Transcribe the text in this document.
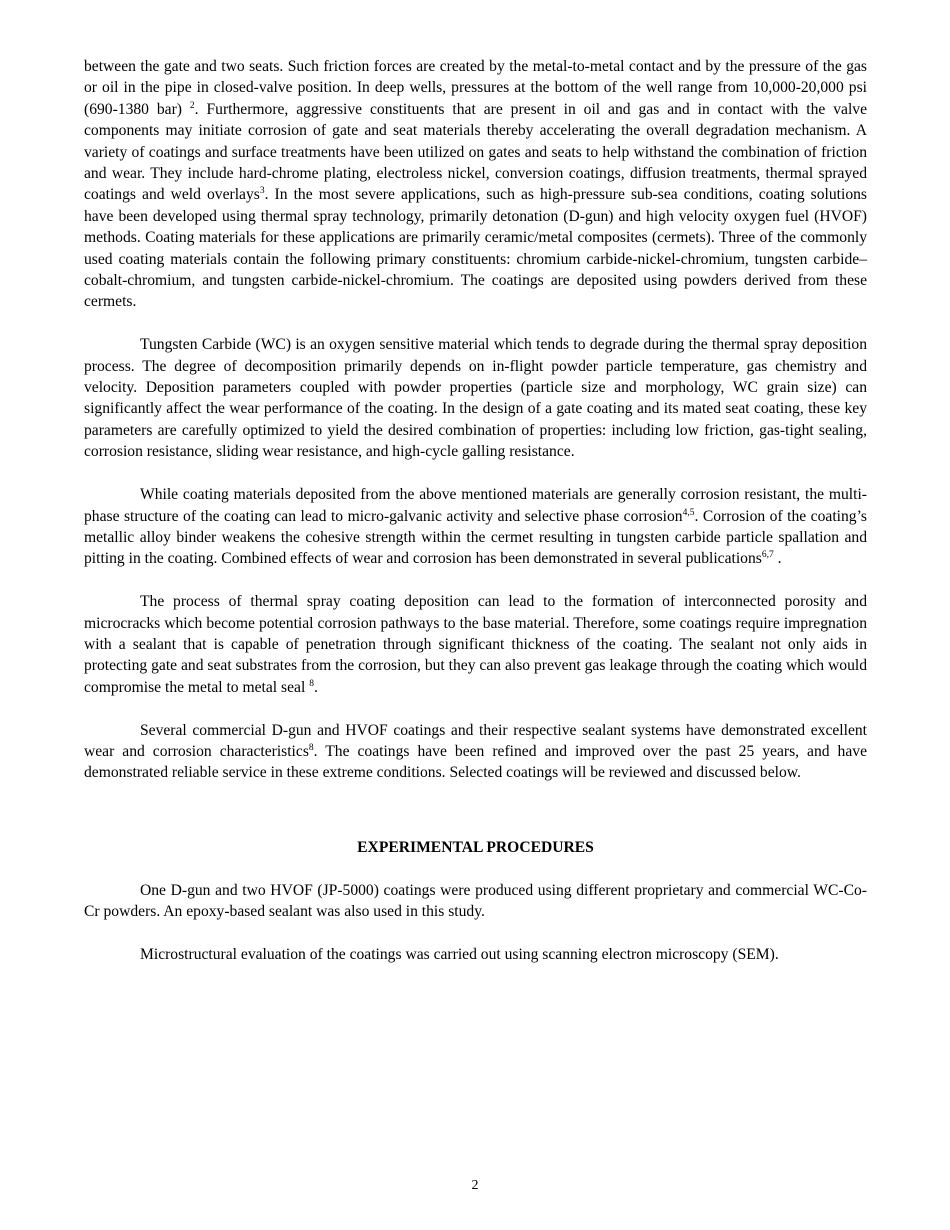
between the gate and two seats. Such friction forces are created by the metal-to-metal contact and by the pressure of the gas or oil in the pipe in closed-valve position. In deep wells, pressures at the bottom of the well range from 10,000-20,000 psi (690-1380 bar) $^2$. Furthermore, aggressive constituents that are present in oil and gas and in contact with the valve components may initiate corrosion of gate and seat materials thereby accelerating the overall degradation mechanism. A variety of coatings and surface treatments have been utilized on gates and seats to help withstand the combination of friction and wear. They include hard-chrome plating, electroless nickel, conversion coatings, diffusion treatments, thermal sprayed coatings and weld overlays$^3$. In the most severe applications, such as high-pressure sub-sea conditions, coating solutions have been developed using thermal spray technology, primarily detonation (D-gun) and high velocity oxygen fuel (HVOF) methods. Coating materials for these applications are primarily ceramic/metal composites (cermets). Three of the commonly used coating materials contain the following primary constituents: chromium carbide-nickel-chromium, tungsten carbide–cobalt-chromium, and tungsten carbide-nickel-chromium. The coatings are deposited using powders derived from these cermets.

Tungsten Carbide (WC) is an oxygen sensitive material which tends to degrade during the thermal spray deposition process. The degree of decomposition primarily depends on in-flight powder particle temperature, gas chemistry and velocity. Deposition parameters coupled with powder properties (particle size and morphology, WC grain size) can significantly affect the wear performance of the coating. In the design of a gate coating and its mated seat coating, these key parameters are carefully optimized to yield the desired combination of properties: including low friction, gas-tight sealing, corrosion resistance, sliding wear resistance, and high-cycle galling resistance.

While coating materials deposited from the above mentioned materials are generally corrosion resistant, the multi-phase structure of the coating can lead to micro-galvanic activity and selective phase corrosion$^{4,5}$. Corrosion of the coating’s metallic alloy binder weakens the cohesive strength within the cermet resulting in tungsten carbide particle spallation and pitting in the coating. Combined effects of wear and corrosion has been demonstrated in several publications$^{6,7}$ .

The process of thermal spray coating deposition can lead to the formation of interconnected porosity and microcracks which become potential corrosion pathways to the base material. Therefore, some coatings require impregnation with a sealant that is capable of penetration through significant thickness of the coating. The sealant not only aids in protecting gate and seat substrates from the corrosion, but they can also prevent gas leakage through the coating which would compromise the metal to metal seal $^8$.

Several commercial D-gun and HVOF coatings and their respective sealant systems have demonstrated excellent wear and corrosion characteristics$^8$. The coatings have been refined and improved over the past 25 years, and have demonstrated reliable service in these extreme conditions. Selected coatings will be reviewed and discussed below.

EXPERIMENTAL PROCEDURES

One D-gun and two HVOF (JP-5000) coatings were produced using different proprietary and commercial WC-Co-Cr powders. An epoxy-based sealant was also used in this study.

Microstructural evaluation of the coatings was carried out using scanning electron microscopy (SEM).

2
